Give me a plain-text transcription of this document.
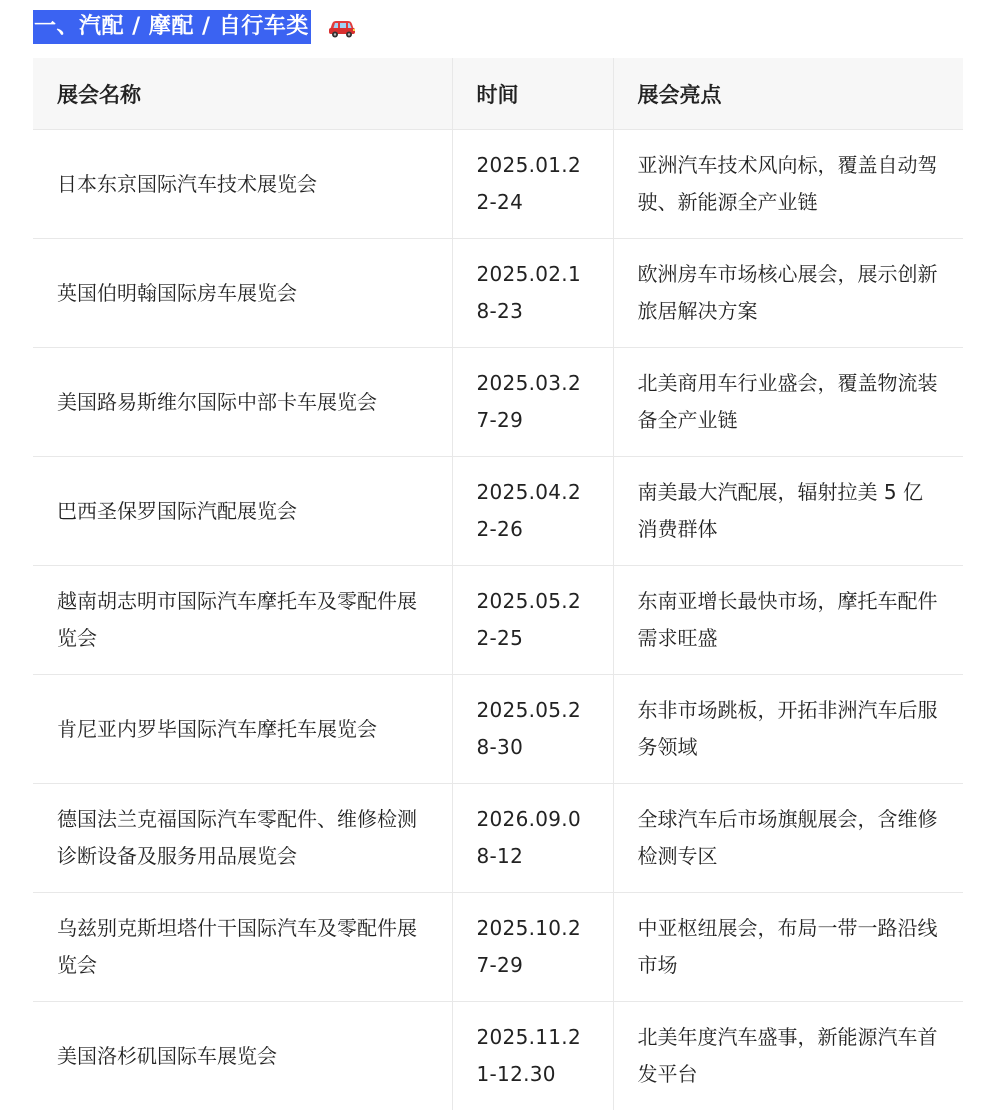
一、汽配 / 摩配 / 自行车类
展会名称	时间	展会亮点
日本东京国际汽车技术展览会	2025.01.22-24	亚洲汽车技术风向标，覆盖自动驾驶、新能源全产业链
英国伯明翰国际房车展览会	2025.02.18-23	欧洲房车市场核心展会，展示创新旅居解决方案
美国路易斯维尔国际中部卡车展览会	2025.03.27-29	北美商用车行业盛会，覆盖物流装备全产业链
巴西圣保罗国际汽配展览会	2025.04.22-26	南美最大汽配展，辐射拉美 5 亿消费群体
越南胡志明市国际汽车摩托车及零配件展览会	2025.05.22-25	东南亚增长最快市场，摩托车配件需求旺盛
肯尼亚内罗毕国际汽车摩托车展览会	2025.05.28-30	东非市场跳板，开拓非洲汽车后服务领域
德国法兰克福国际汽车零配件、维修检测诊断设备及服务用品展览会	2026.09.08-12	全球汽车后市场旗舰展会，含维修检测专区
乌兹别克斯坦塔什干国际汽车及零配件展览会	2025.10.27-29	中亚枢纽展会，布局一带一路沿线市场
美国洛杉矶国际车展览会	2025.11.21-12.30	北美年度汽车盛事，新能源汽车首发平台
